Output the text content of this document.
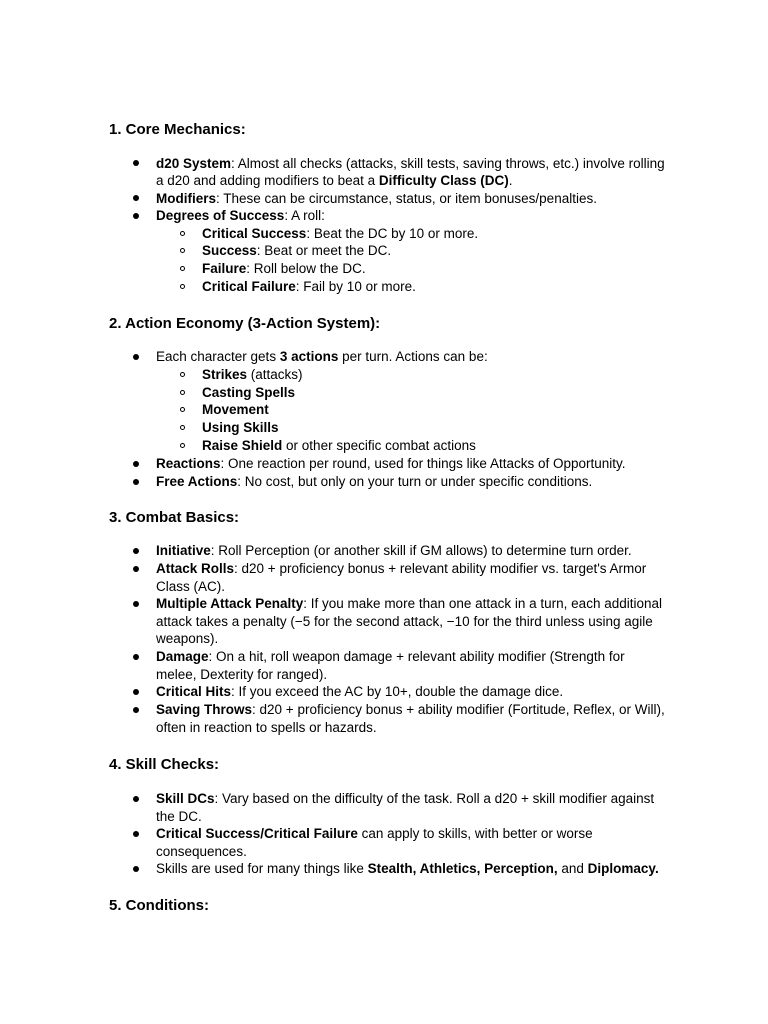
1. Core Mechanics:
d20 System: Almost all checks (attacks, skill tests, saving throws, etc.) involve rolling
a d20 and adding modifiers to beat a Difficulty Class (DC).
Modifiers: These can be circumstance, status, or item bonuses/penalties.
Degrees of Success: A roll:
Critical Success: Beat the DC by 10 or more.
Success: Beat or meet the DC.
Failure: Roll below the DC.
Critical Failure: Fail by 10 or more.
2. Action Economy (3-Action System):
Each character gets 3 actions per turn. Actions can be:
Strikes (attacks)
Casting Spells
Movement
Using Skills
Raise Shield or other specific combat actions
Reactions: One reaction per round, used for things like Attacks of Opportunity.
Free Actions: No cost, but only on your turn or under specific conditions.
3. Combat Basics:
Initiative: Roll Perception (or another skill if GM allows) to determine turn order.
Attack Rolls: d20 + proficiency bonus + relevant ability modifier vs. target's Armor
Class (AC).
Multiple Attack Penalty: If you make more than one attack in a turn, each additional
attack takes a penalty (−5 for the second attack, −10 for the third unless using agile
weapons).
Damage: On a hit, roll weapon damage + relevant ability modifier (Strength for
melee, Dexterity for ranged).
Critical Hits: If you exceed the AC by 10+, double the damage dice.
Saving Throws: d20 + proficiency bonus + ability modifier (Fortitude, Reflex, or Will),
often in reaction to spells or hazards.
4. Skill Checks:
Skill DCs: Vary based on the difficulty of the task. Roll a d20 + skill modifier against
the DC.
Critical Success/Critical Failure can apply to skills, with better or worse
consequences.
Skills are used for many things like Stealth, Athletics, Perception, and Diplomacy.
5. Conditions:
